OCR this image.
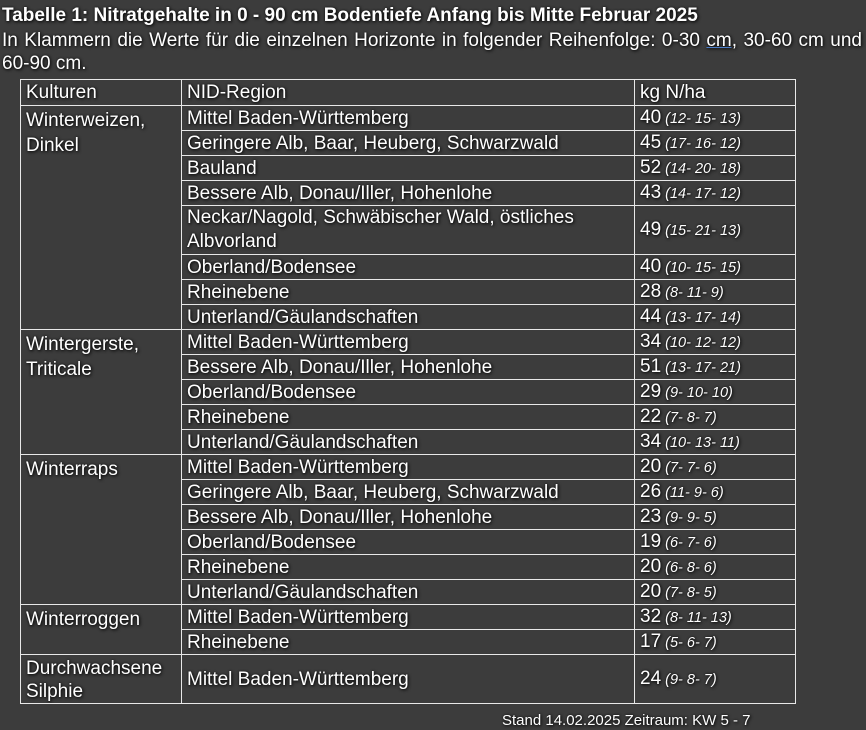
Tabelle 1: Nitratgehalte in 0 - 90 cm Bodentiefe Anfang bis Mitte Februar 2025
In Klammern die Werte für die einzelnen Horizonte in folgender Reihenfolge: 0-30 cm, 30-60 cm und 60-90 cm.
Kulturen	NID-Region	kg N/ha
Winterweizen, Dinkel	Mittel Baden-Württemberg	40 (12- 15- 13)
	Geringere Alb, Baar, Heuberg, Schwarzwald	45 (17- 16- 12)
	Bauland	52 (14- 20- 18)
	Bessere Alb, Donau/Iller, Hohenlohe	43 (14- 17- 12)
	Neckar/Nagold, Schwäbischer Wald, östliches Albvorland	49 (15- 21- 13)
	Oberland/Bodensee	40 (10- 15- 15)
	Rheinebene	28 (8- 11- 9)
	Unterland/Gäulandschaften	44 (13- 17- 14)
Wintergerste, Triticale	Mittel Baden-Württemberg	34 (10- 12- 12)
	Bessere Alb, Donau/Iller, Hohenlohe	51 (13- 17- 21)
	Oberland/Bodensee	29 (9- 10- 10)
	Rheinebene	22 (7- 8- 7)
	Unterland/Gäulandschaften	34 (10- 13- 11)
Winterraps	Mittel Baden-Württemberg	20 (7- 7- 6)
	Geringere Alb, Baar, Heuberg, Schwarzwald	26 (11- 9- 6)
	Bessere Alb, Donau/Iller, Hohenlohe	23 (9- 9- 5)
	Oberland/Bodensee	19 (6- 7- 6)
	Rheinebene	20 (6- 8- 6)
	Unterland/Gäulandschaften	20 (7- 8- 5)
Winterroggen	Mittel Baden-Württemberg	32 (8- 11- 13)
	Rheinebene	17 (5- 6- 7)
Durchwachsene Silphie	Mittel Baden-Württemberg	24 (9- 8- 7)
Stand 14.02.2025 Zeitraum: KW 5 - 7
